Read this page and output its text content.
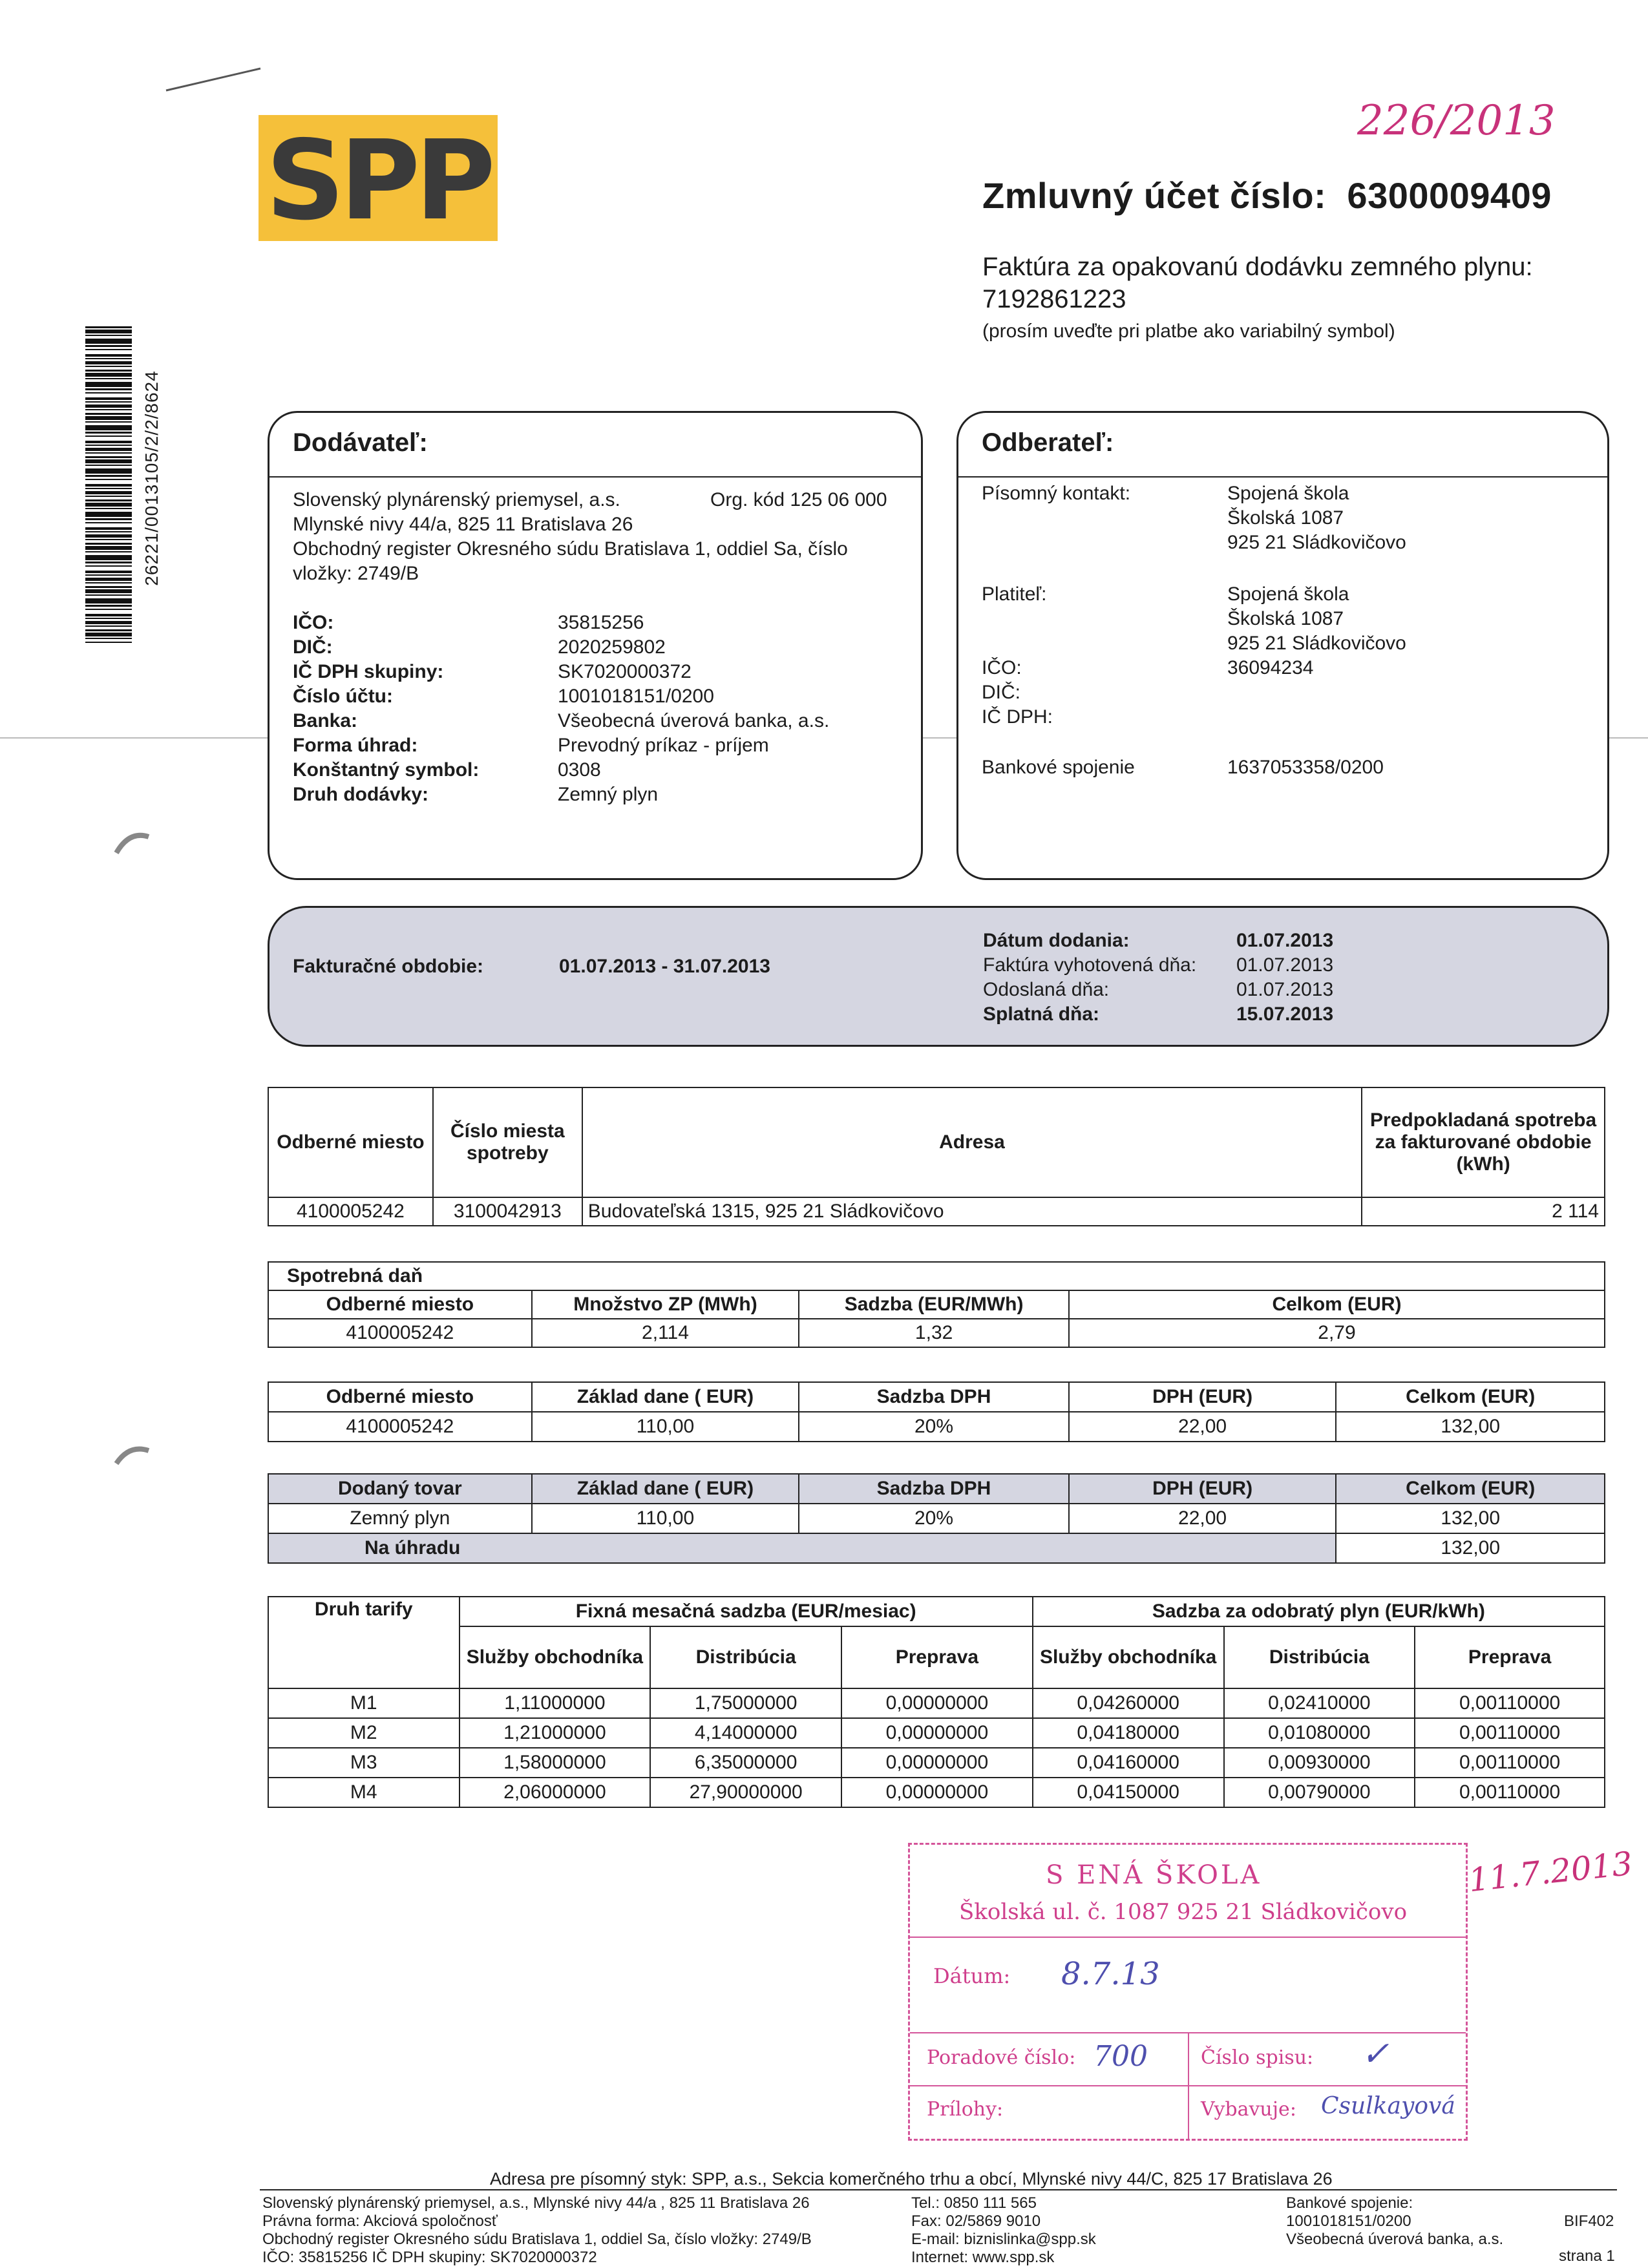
SPP
26221/0013105/2/2/8624
226/2013
Zmluvný účet číslo: 6300009409
Faktúra za opakovanú dodávku zemného plynu:
7192861223
(prosím uveďte pri platbe ako variabilný symbol)
Dodávateľ:
Slovenský plynárenský priemysel, a.s.	Org. kód 125 06 000
Mlynské nivy 44/a, 825 11 Bratislava 26
Obchodný register Okresného súdu Bratislava 1, oddiel Sa, číslo
vložky: 2749/B
IČO:	35815256
DIČ:	2020259802
IČ DPH skupiny:	SK7020000372
Číslo účtu:	1001018151/0200
Banka:	Všeobecná úverová banka, a.s.
Forma úhrad:	Prevodný príkaz - príjem
Konštantný symbol:	0308
Druh dodávky:	Zemný plyn
Odberateľ:
Písomný kontakt:	Spojená škola
Školská 1087
925 21 Sládkovičovo
Platiteľ:	Spojená škola
Školská 1087
925 21 Sládkovičovo
IČO:	36094234
DIČ:
IČ DPH:
Bankové spojenie	1637053358/0200
Fakturačné obdobie:	01.07.2013 - 31.07.2013
Dátum dodania:	01.07.2013
Faktúra vyhotovená dňa: 01.07.2013
Odoslaná dňa:	01.07.2013
Splatná dňa:	15.07.2013
Odberné miesto	Číslo miesta spotreby	Adresa	Predpokladaná spotreba za fakturované obdobie (kWh)
4100005242	3100042913	Budovateľská 1315, 925 21 Sládkovičovo	2 114
Spotrebná daň			
Odberné miesto	Množstvo ZP (MWh)	Sadzba (EUR/MWh)	Celkom (EUR)
4100005242	2,114	1,32	2,79
Odberné miesto	Základ dane ( EUR)	Sadzba DPH	DPH (EUR)	Celkom (EUR)
4100005242	110,00	20%	22,00	132,00
Dodaný tovar	Základ dane ( EUR)	Sadzba DPH	DPH (EUR)	Celkom (EUR)
Zemný plyn	110,00	20%	22,00	132,00
Na úhradu				132,00
Druh tarify	Fixná mesačná sadzba (EUR/mesiac)			Sadzba za odobratý plyn (EUR/kWh)		
	Služby obchodníka	Distribúcia	Preprava	Služby obchodníka	Distribúcia	Preprava
M1	1,11000000	1,75000000	0,00000000	0,04260000	0,02410000	0,00110000
M2	1,21000000	4,14000000	0,00000000	0,04180000	0,01080000	0,00110000
M3	1,58000000	6,35000000	0,00000000	0,04160000	0,00930000	0,00110000
M4	2,06000000	27,90000000	0,00000000	0,04150000	0,00790000	0,00110000
S ENÁ ŠKOLA
Školská ul. č. 1087 925 21 Sládkovičovo
Dátum: 8.7.13
Poradové číslo: 700	Číslo spisu: ✓
Prílohy:	Vybavuje: Csulkayová
11.7.2013
Adresa pre písomný styk: SPP, a.s., Sekcia komerčného trhu a obcí, Mlynské nivy 44/C, 825 17 Bratislava 26
Slovenský plynárenský priemysel, a.s., Mlynské nivy 44/a , 825 11 Bratislava 26
Právna forma: Akciová spoločnosť
Obchodný register Okresného súdu Bratislava 1, oddiel Sa, číslo vložky: 2749/B
IČO: 35815256 IČ DPH skupiny: SK7020000372
Tel.: 0850 111 565
Fax: 02/5869 9010
E-mail: biznislinka@spp.sk
Internet: www.spp.sk
Bankové spojenie:
1001018151/0200
Všeobecná úverová banka, a.s.
BIF402
strana 1
